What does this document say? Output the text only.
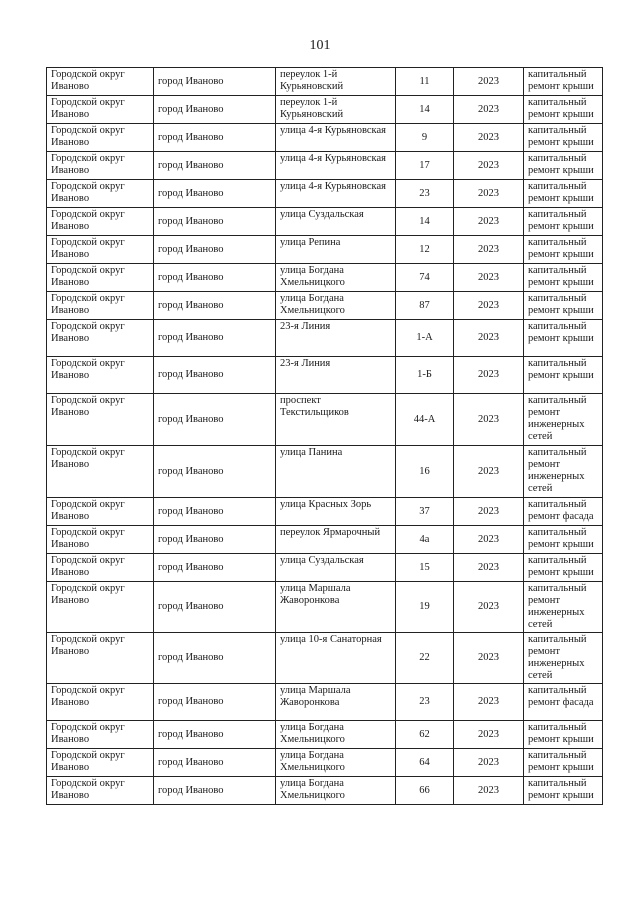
101
Городской округ Иваново	город Иваново	переулок 1-й Курьяновский	11	2023	капитальный ремонт крыши
Городской округ Иваново	город Иваново	переулок 1-й Курьяновский	14	2023	капитальный ремонт крыши
Городской округ Иваново	город Иваново	улица 4-я Курьяновская	9	2023	капитальный ремонт крыши
Городской округ Иваново	город Иваново	улица 4-я Курьяновская	17	2023	капитальный ремонт крыши
Городской округ Иваново	город Иваново	улица 4-я Курьяновская	23	2023	капитальный ремонт крыши
Городской округ Иваново	город Иваново	улица Суздальская	14	2023	капитальный ремонт крыши
Городской округ Иваново	город Иваново	улица Репина	12	2023	капитальный ремонт крыши
Городской округ Иваново	город Иваново	улица Богдана Хмельницкого	74	2023	капитальный ремонт крыши
Городской округ Иваново	город Иваново	улица Богдана Хмельницкого	87	2023	капитальный ремонт крыши
Городской округ Иваново	город Иваново	23-я Линия	1-А	2023	капитальный ремонт крыши
Городской округ Иваново	город Иваново	23-я Линия	1-Б	2023	капитальный ремонт крыши
Городской округ Иваново	город Иваново	проспект Текстильщиков	44-А	2023	капитальный ремонт инженерных сетей
Городской округ Иваново	город Иваново	улица Панина	16	2023	капитальный ремонт инженерных сетей
Городской округ Иваново	город Иваново	улица Красных Зорь	37	2023	капитальный ремонт фасада
Городской округ Иваново	город Иваново	переулок Ярмарочный	4а	2023	капитальный ремонт крыши
Городской округ Иваново	город Иваново	улица Суздальская	15	2023	капитальный ремонт крыши
Городской округ Иваново	город Иваново	улица Маршала Жаворонкова	19	2023	капитальный ремонт инженерных сетей
Городской округ Иваново	город Иваново	улица 10-я Санаторная	22	2023	капитальный ремонт инженерных сетей
Городской округ Иваново	город Иваново	улица Маршала Жаворонкова	23	2023	капитальный ремонт фасада
Городской округ Иваново	город Иваново	улица Богдана Хмельницкого	62	2023	капитальный ремонт крыши
Городской округ Иваново	город Иваново	улица Богдана Хмельницкого	64	2023	капитальный ремонт крыши
Городской округ Иваново	город Иваново	улица Богдана Хмельницкого	66	2023	капитальный ремонт крыши
